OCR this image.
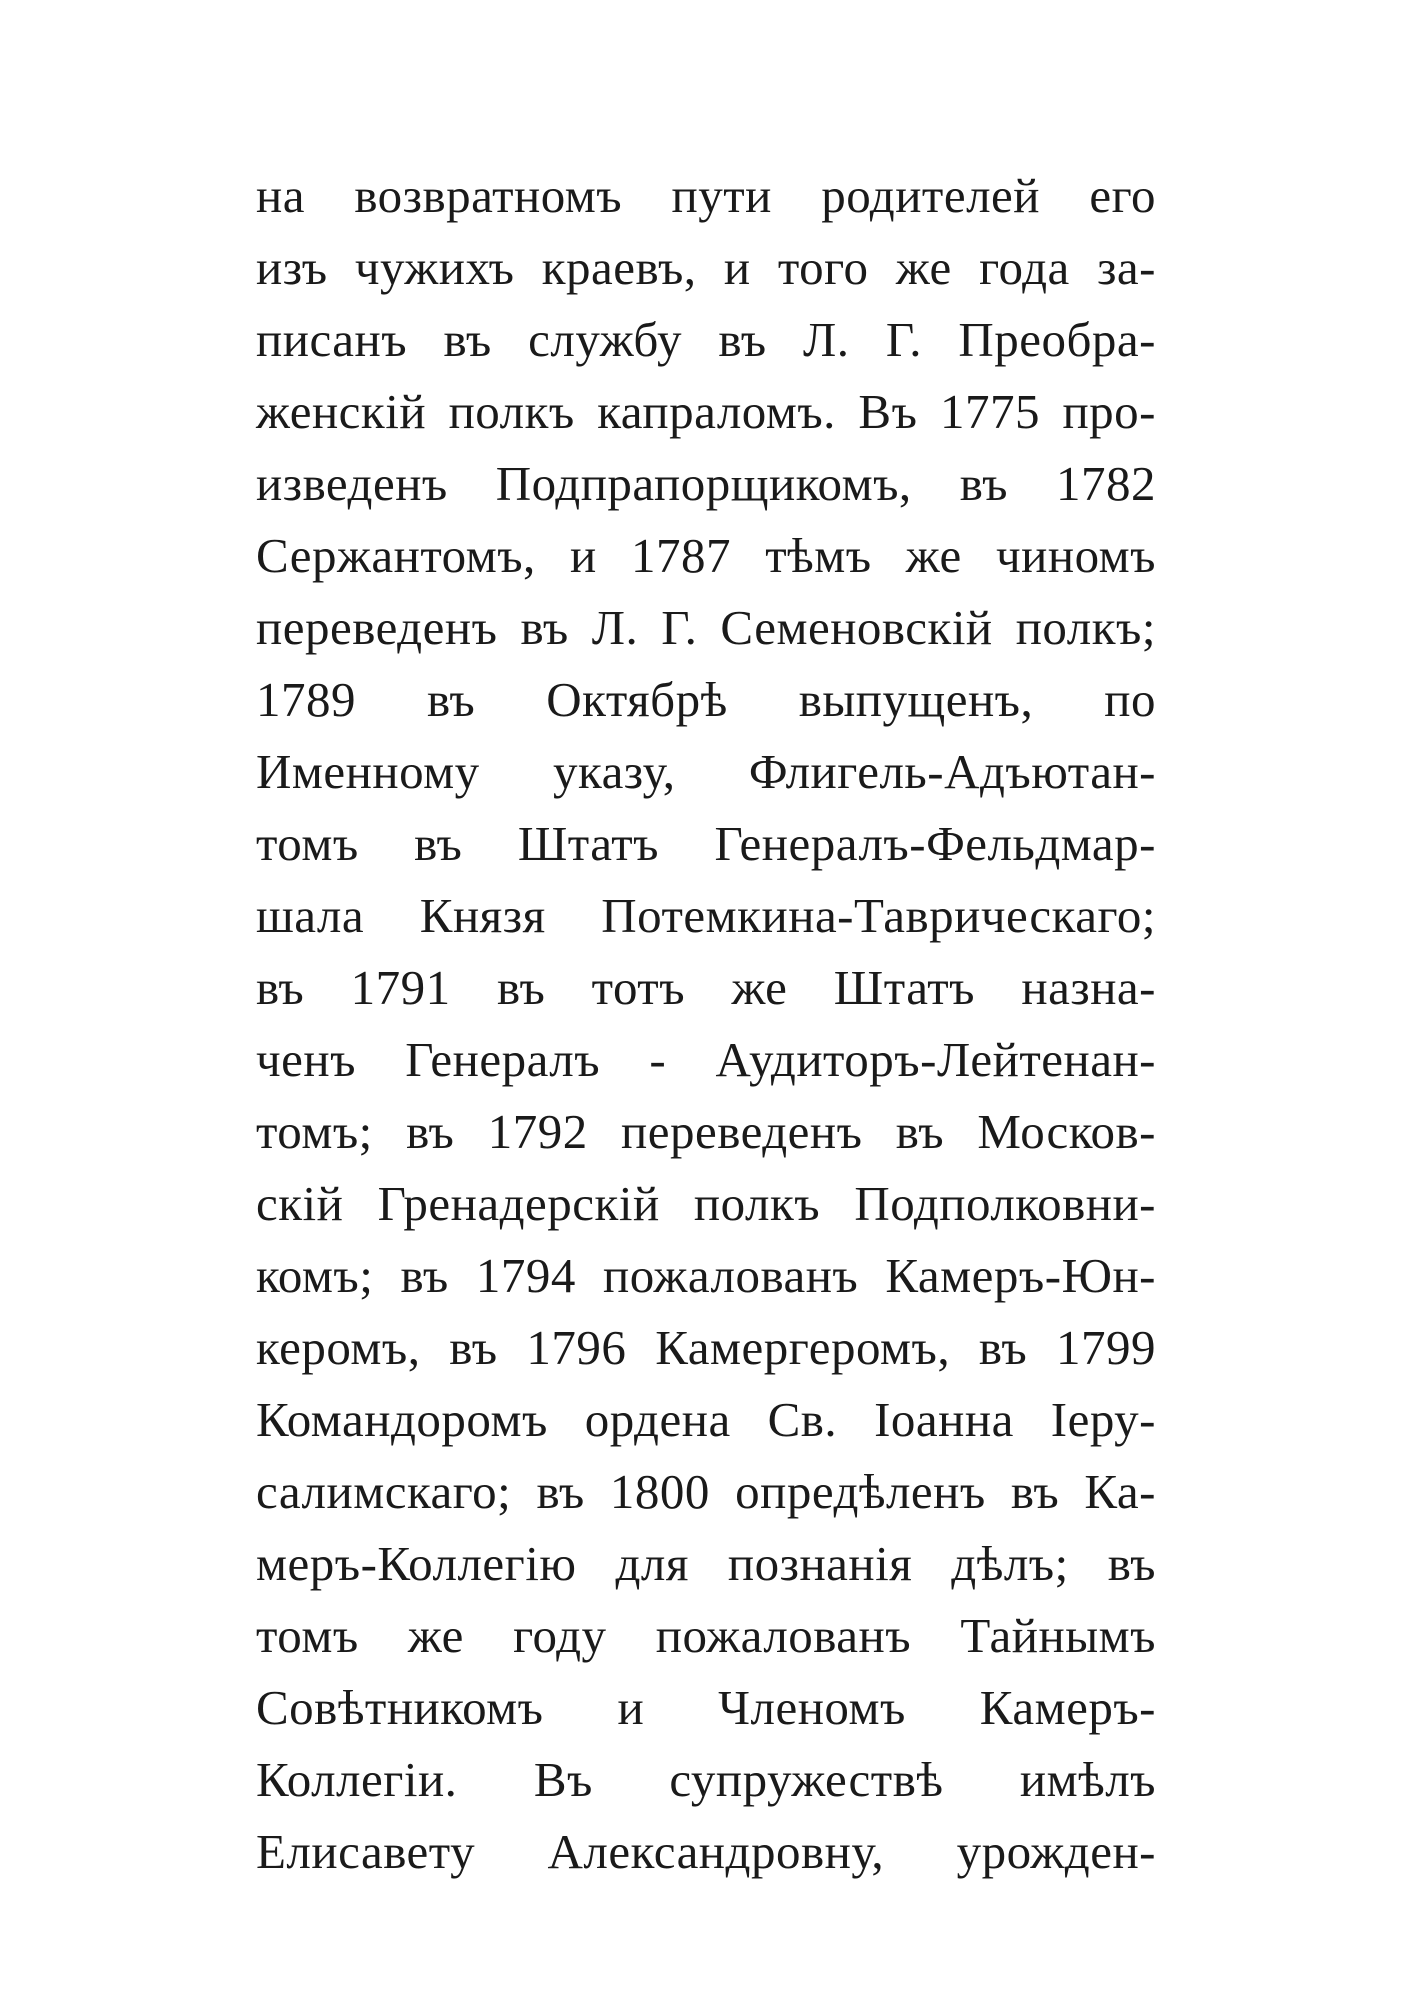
на возвратномъ пути родителей его
изъ чужихъ краевъ, и того же года за-
писанъ въ службу въ Л. Г. Преобра-
женскій полкъ капраломъ. Въ 1775 про-
изведенъ Подпрапорщикомъ, въ 1782
Сержантомъ, и 1787 тѣмъ же чиномъ
переведенъ въ Л. Г. Семеновскій полкъ;
1789 въ Октябрѣ выпущенъ, по
Именному указу, Флигель-Адъютан-
томъ въ Штатъ Генералъ-Фельдмар-
шала Князя Потемкина-Таврическаго;
въ 1791 въ тотъ же Штатъ назна-
ченъ Генералъ - Аудиторъ-Лейтенан-
томъ; въ 1792 переведенъ въ Москов-
скій Гренадерскій полкъ Подполковни-
комъ; въ 1794 пожалованъ Камеръ-Юн-
керомъ, въ 1796 Камергеромъ, въ 1799
Командоромъ ордена Св. Іоанна Іеру-
салимскаго; въ 1800 опредѣленъ въ Ка-
меръ-Коллегію для познанія дѣлъ; въ
томъ же году пожалованъ Тайнымъ
Совѣтникомъ и Членомъ Камеръ-
Коллегіи. Въ супружествѣ имѣлъ
Елисавету Александровну, урожден-
